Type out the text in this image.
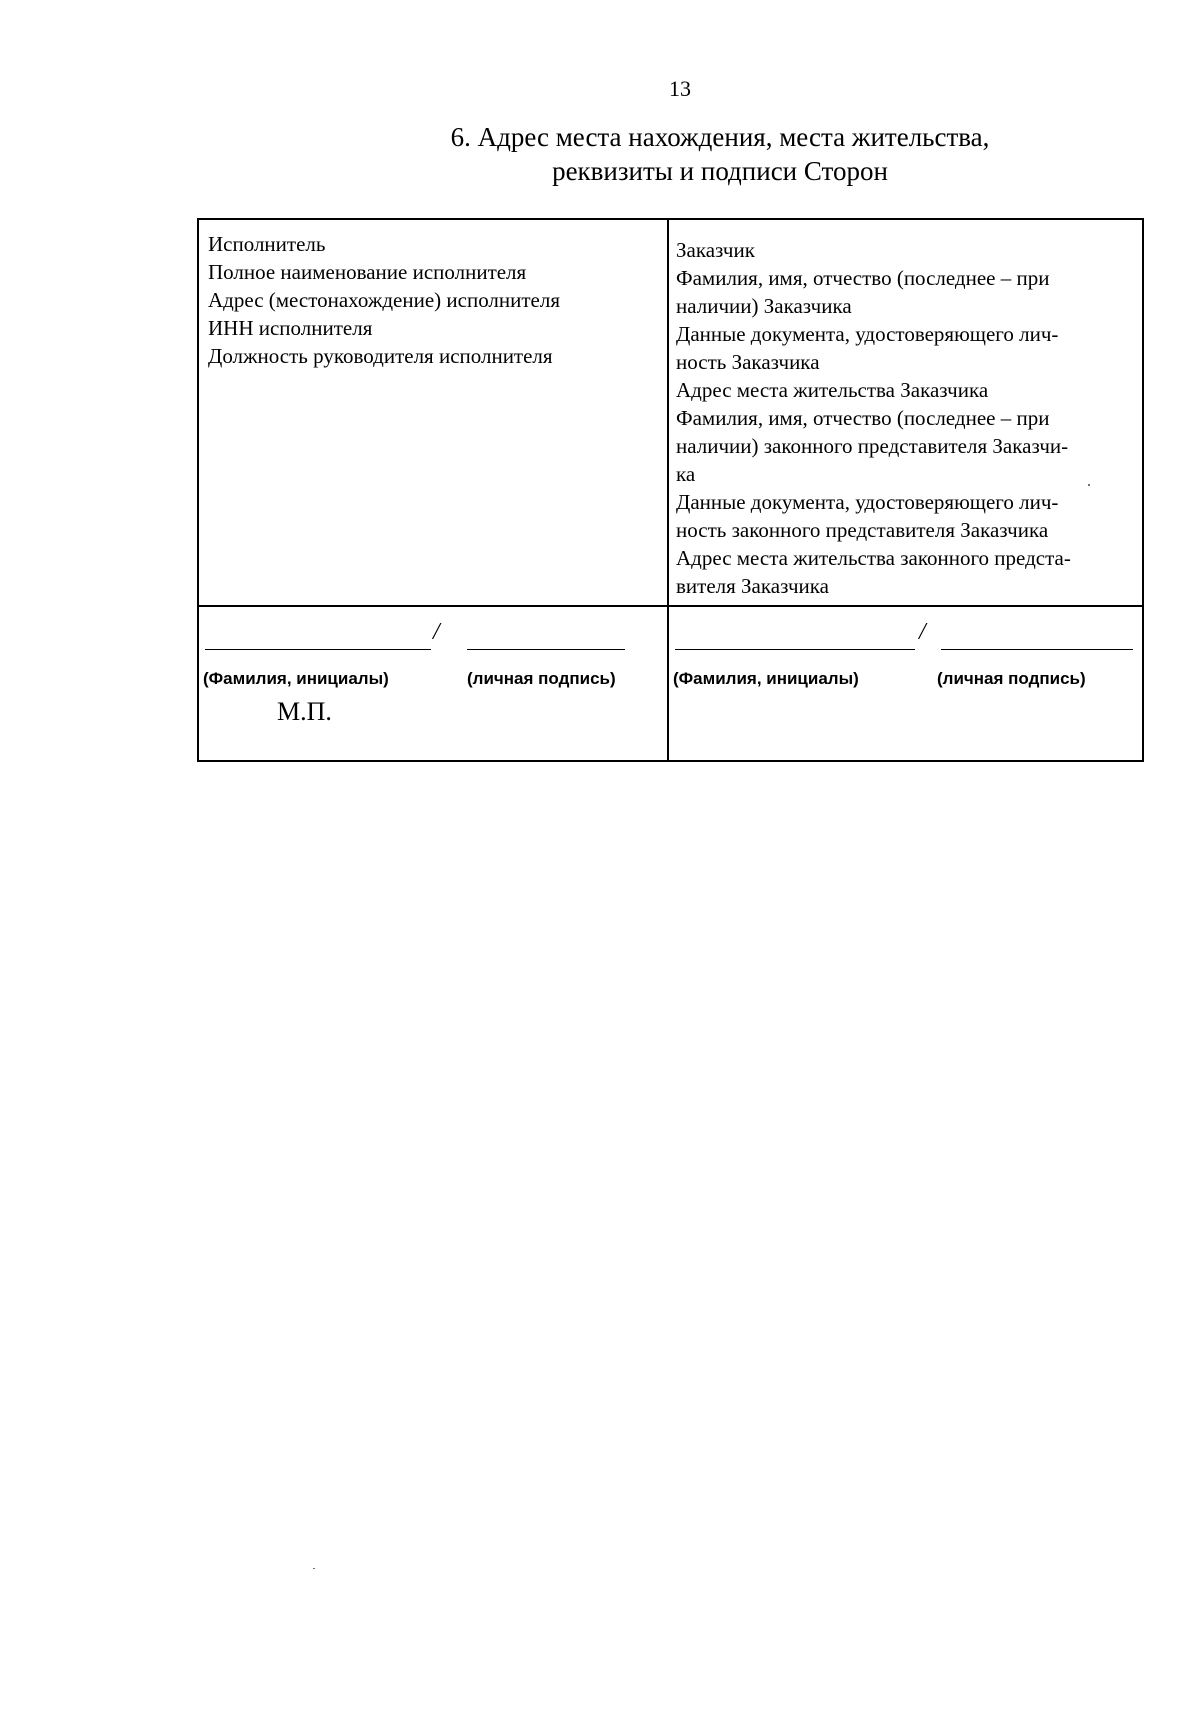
13
6. Адрес места нахождения, места жительства,
реквизиты и подписи Сторон
Исполнитель
Полное наименование исполнителя
Адрес (местонахождение) исполнителя
ИНН исполнителя
Должность руководителя исполнителя
Заказчик
Фамилия, имя, отчество (последнее – при
наличии) Заказчика
Данные документа, удостоверяющего лич-
ность Заказчика
Адрес места жительства Заказчика
Фамилия, имя, отчество (последнее – при
наличии) законного представителя Заказчи-
ка
Данные документа, удостоверяющего лич-
ность законного представителя Заказчика
Адрес места жительства законного предста-
вителя Заказчика
/
(Фамилия, инициалы)	(личная подпись)
М.П.
/
(Фамилия, инициалы)	(личная подпись)
